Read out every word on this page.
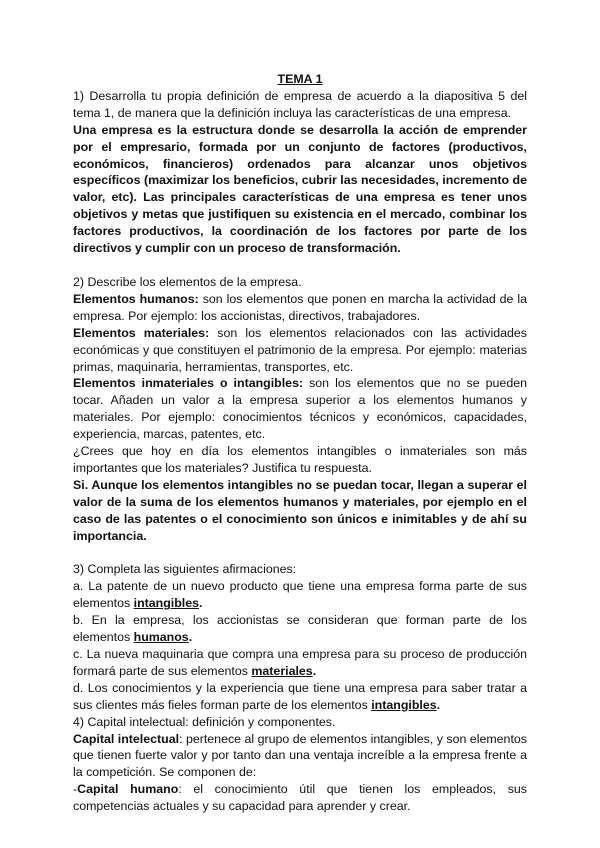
TEMA 1

1) Desarrolla tu propia definición de empresa de acuerdo a la diapositiva 5 del tema 1, de manera que la definición incluya las características de una empresa.

Una empresa es la estructura donde se desarrolla la acción de emprender por el empresario, formada por un conjunto de factores (productivos, económicos, financieros) ordenados para alcanzar unos objetivos específicos (maximizar los beneficios, cubrir las necesidades, incremento de valor, etc). Las principales características de una empresa es tener unos objetivos y metas que justifiquen su existencia en el mercado, combinar los factores productivos, la coordinación de los factores por parte de los directivos y cumplir con un proceso de transformación.

2) Describe los elementos de la empresa.

Elementos humanos: son los elementos que ponen en marcha la actividad de la empresa. Por ejemplo: los accionistas, directivos, trabajadores.

Elementos materiales: son los elementos relacionados con las actividades económicas y que constituyen el patrimonio de la empresa. Por ejemplo: materias primas, maquinaria, herramientas, transportes, etc.

Elementos inmateriales o intangibles: son los elementos que no se pueden tocar. Añaden un valor a la empresa superior a los elementos humanos y materiales. Por ejemplo: conocimientos técnicos y económicos, capacidades, experiencia, marcas, patentes, etc.

¿Crees que hoy en día los elementos intangibles o inmateriales son más importantes que los materiales? Justifica tu respuesta.

Si. Aunque los elementos intangibles no se puedan tocar, llegan a superar el valor de la suma de los elementos humanos y materiales, por ejemplo en el caso de las patentes o el conocimiento son únicos e inimitables y de ahí su importancia.

3) Completa las siguientes afirmaciones:

a. La patente de un nuevo producto que tiene una empresa forma parte de sus elementos intangibles.

b. En la empresa, los accionistas se consideran que forman parte de los elementos humanos.

c. La nueva maquinaria que compra una empresa para su proceso de producción formará parte de sus elementos materiales.

d. Los conocimientos y la experiencia que tiene una empresa para saber tratar a sus clientes más fieles forman parte de los elementos intangibles.

4) Capital intelectual: definición y componentes.

Capital intelectual: pertenece al grupo de elementos intangibles, y son elementos que tienen fuerte valor y por tanto dan una ventaja increíble a la empresa frente a la competición. Se componen de:

-Capital humano: el conocimiento útil que tienen los empleados, sus competencias actuales y su capacidad para aprender y crear.
